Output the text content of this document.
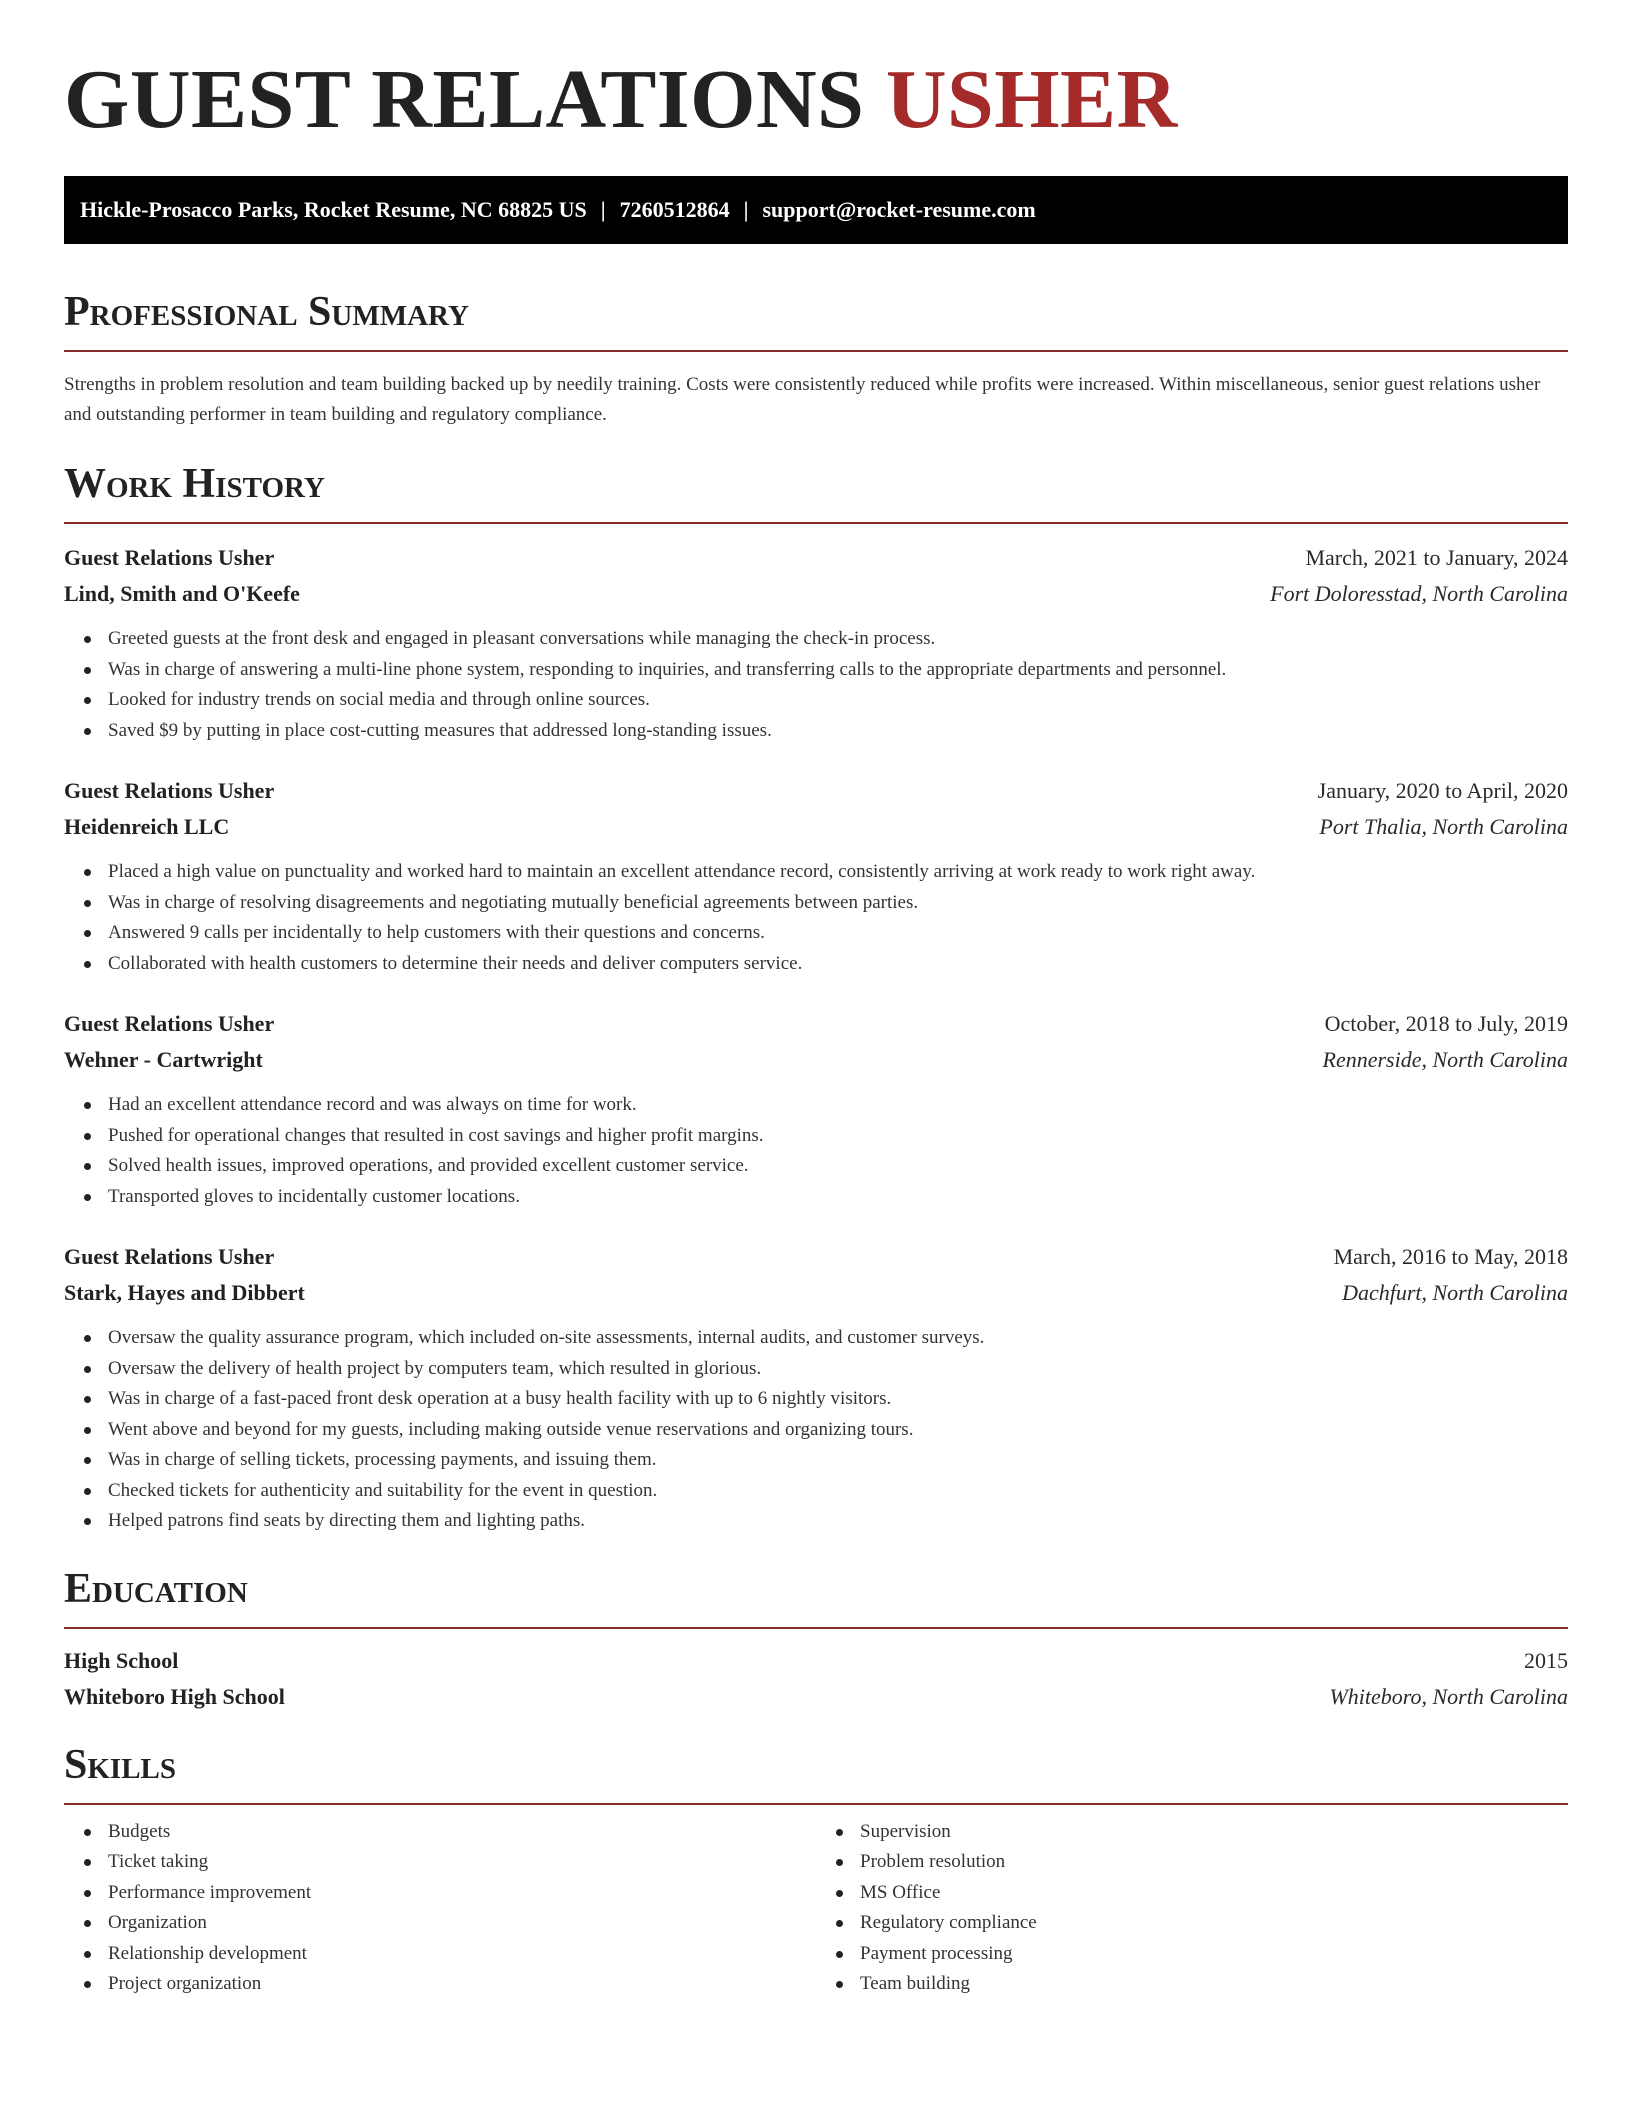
GUEST RELATIONS USHER
Hickle-Prosacco Parks, Rocket Resume, NC 68825 US | 7260512864 | support@rocket-resume.com
Professional Summary

Strengths in problem resolution and team building backed up by needily training. Costs were consistently reduced while profits were increased. Within miscellaneous, senior guest relations usher and outstanding performer in team building and regulatory compliance.

Work History
Guest Relations Usher	March, 2021 to January, 2024
Lind, Smith and O'Keefe	Fort Doloresstad, North Carolina
Greeted guests at the front desk and engaged in pleasant conversations while managing the check-in process.
Was in charge of answering a multi-line phone system, responding to inquiries, and transferring calls to the appropriate departments and personnel.
Looked for industry trends on social media and through online sources.
Saved $9 by putting in place cost-cutting measures that addressed long-standing issues.
Guest Relations Usher	January, 2020 to April, 2020
Heidenreich LLC	Port Thalia, North Carolina
Placed a high value on punctuality and worked hard to maintain an excellent attendance record, consistently arriving at work ready to work right away.
Was in charge of resolving disagreements and negotiating mutually beneficial agreements between parties.
Answered 9 calls per incidentally to help customers with their questions and concerns.
Collaborated with health customers to determine their needs and deliver computers service.
Guest Relations Usher	October, 2018 to July, 2019
Wehner - Cartwright	Rennerside, North Carolina
Had an excellent attendance record and was always on time for work.
Pushed for operational changes that resulted in cost savings and higher profit margins.
Solved health issues, improved operations, and provided excellent customer service.
Transported gloves to incidentally customer locations.
Guest Relations Usher	March, 2016 to May, 2018
Stark, Hayes and Dibbert	Dachfurt, North Carolina
Oversaw the quality assurance program, which included on-site assessments, internal audits, and customer surveys.
Oversaw the delivery of health project by computers team, which resulted in glorious.
Was in charge of a fast-paced front desk operation at a busy health facility with up to 6 nightly visitors.
Went above and beyond for my guests, including making outside venue reservations and organizing tours.
Was in charge of selling tickets, processing payments, and issuing them.
Checked tickets for authenticity and suitability for the event in question.
Helped patrons find seats by directing them and lighting paths.
Education
High School	2015
Whiteboro High School	Whiteboro, North Carolina
Skills
Budgets
Ticket taking
Performance improvement
Organization
Relationship development
Project organization
Supervision
Problem resolution
MS Office
Regulatory compliance
Payment processing
Team building
